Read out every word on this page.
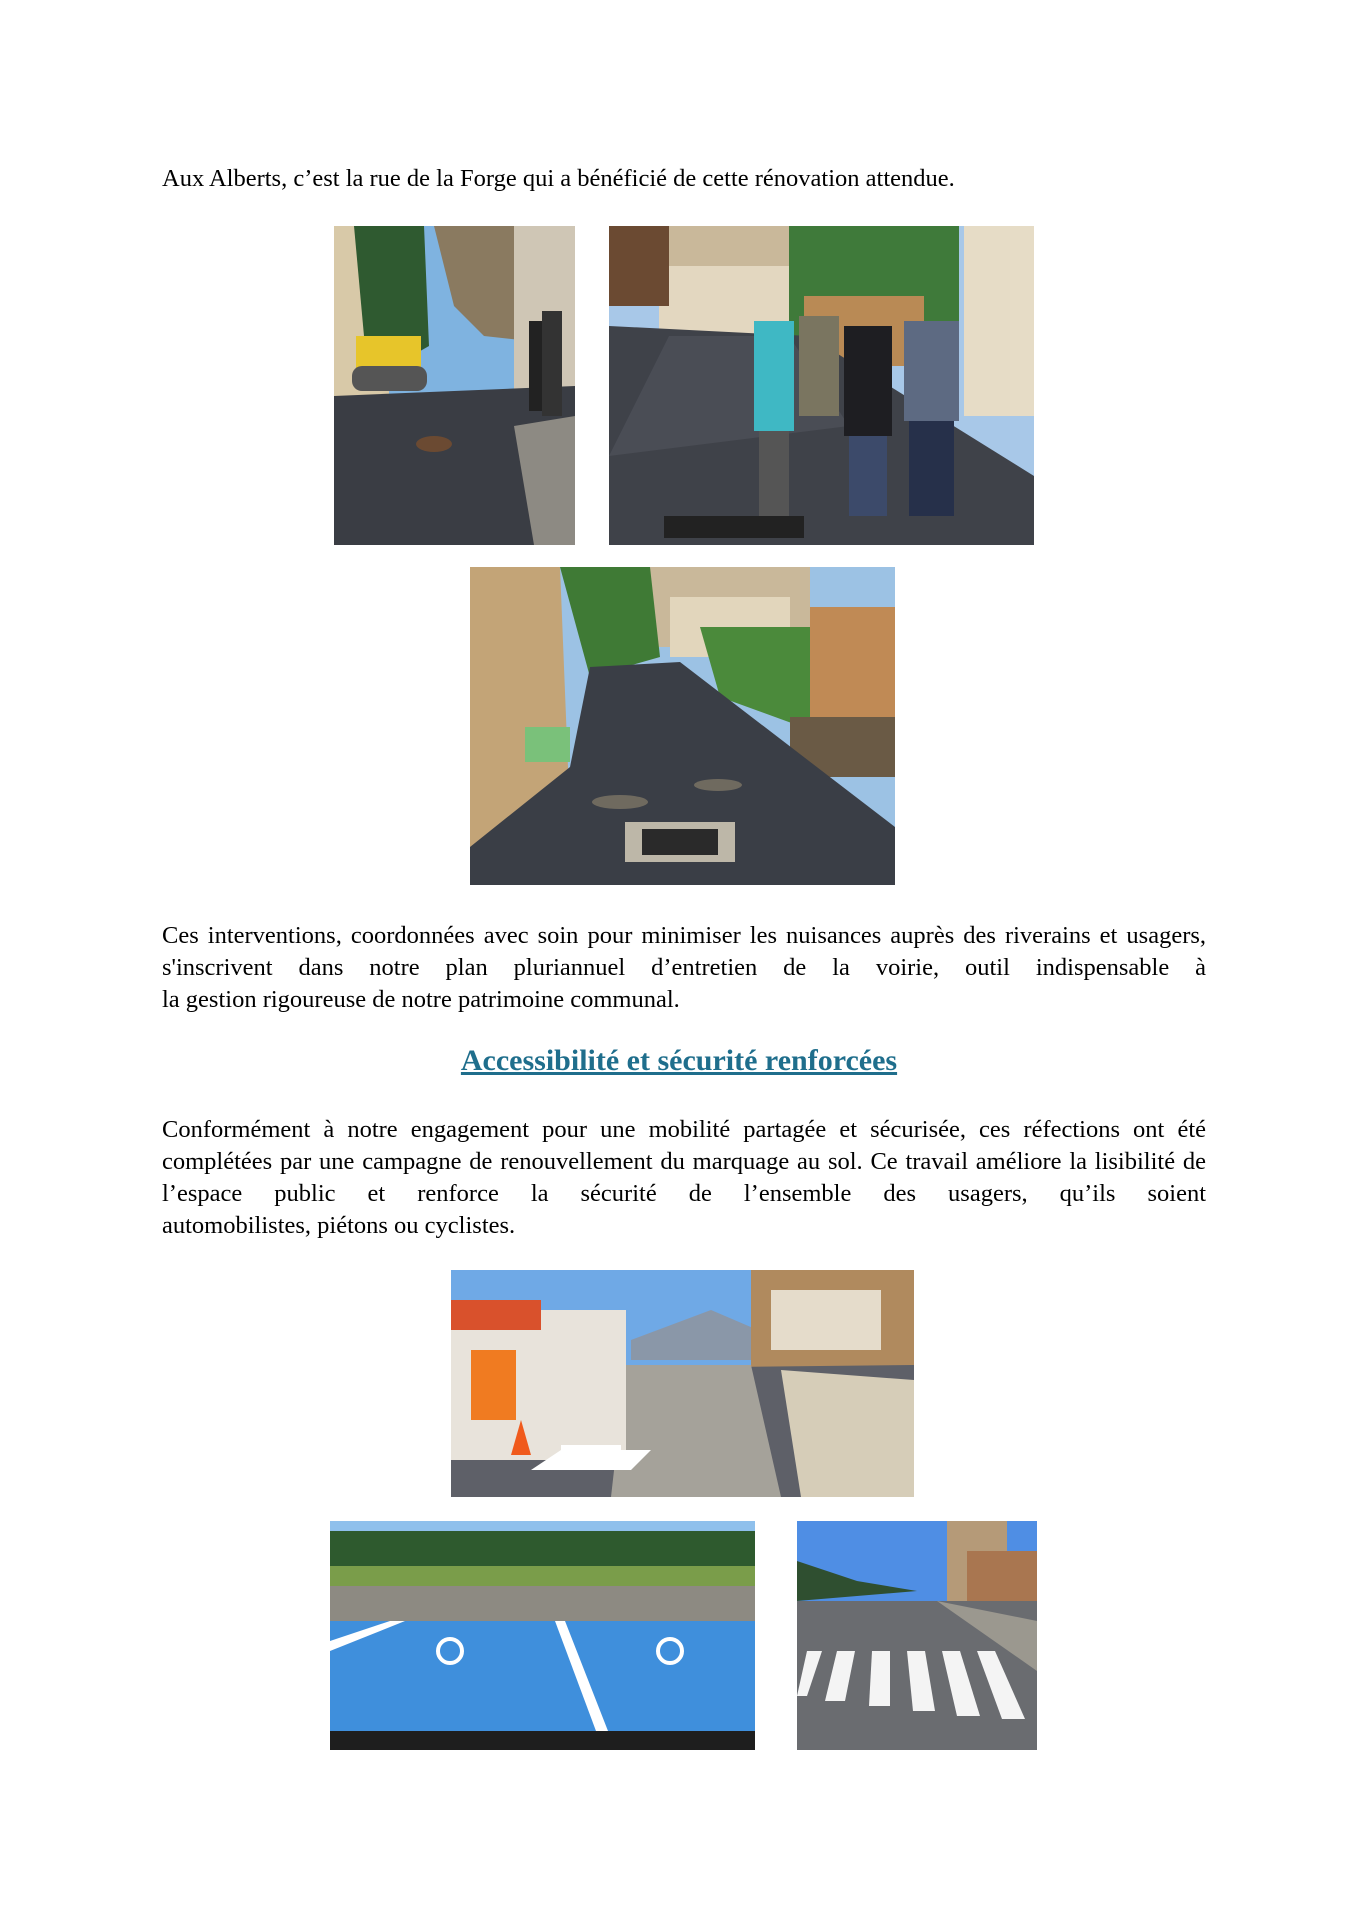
Aux Alberts, c’est la rue de la Forge qui a bénéficié de cette rénovation attendue.

Ces interventions, coordonnées avec soin pour minimiser les nuisances auprès des riverains et usagers, s'inscrivent dans notre plan pluriannuel d’entretien de la voirie, outil indispensable à
la gestion rigoureuse de notre patrimoine communal.

Accessibilité et sécurité renforcées

Conformément à notre engagement pour une mobilité partagée et sécurisée, ces réfections ont été complétées par une campagne de renouvellement du marquage au sol. Ce travail améliore la lisibilité de l’espace public et renforce la sécurité de l’ensemble des usagers, qu’ils soient
automobilistes, piétons ou cyclistes.
